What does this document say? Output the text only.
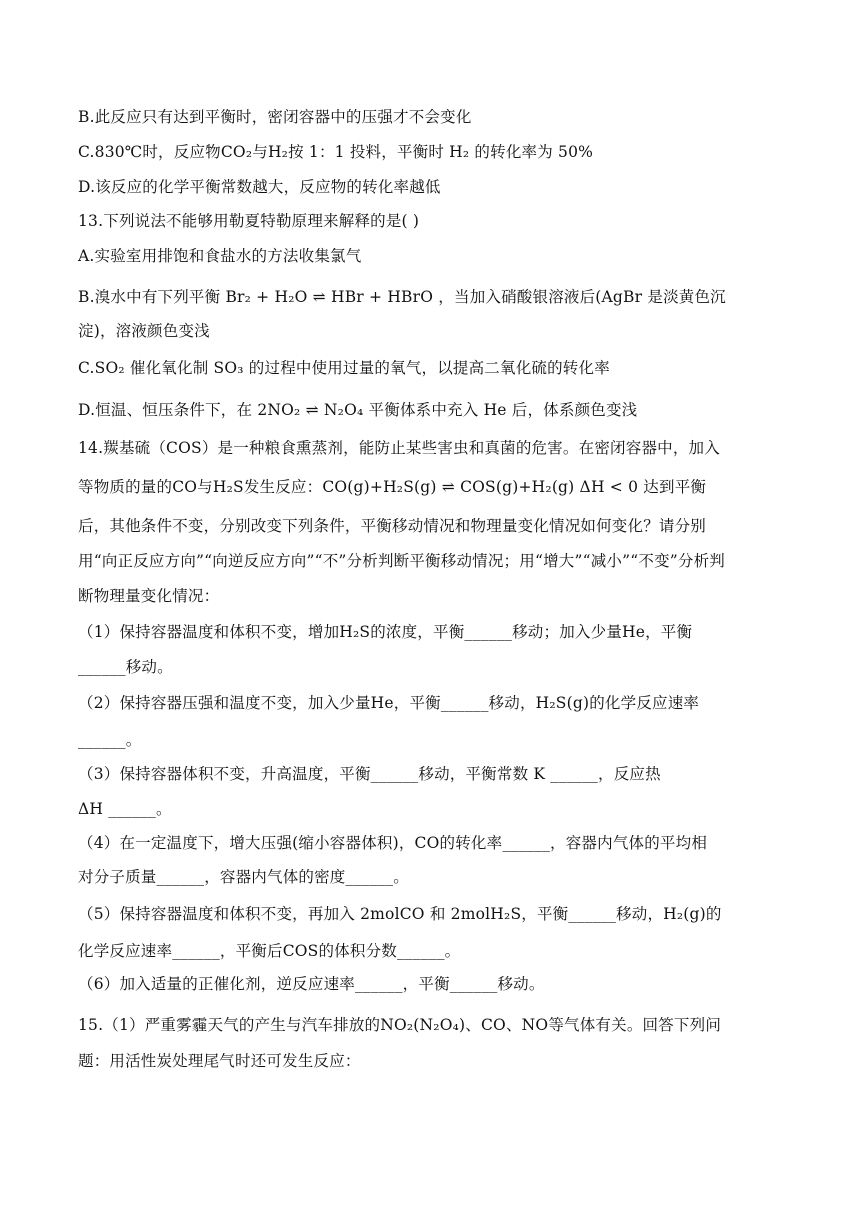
B.此反应只有达到平衡时，密闭容器中的压强才不会变化
C.830℃时，反应物CO₂与H₂按 1：1 投料，平衡时 H₂ 的转化率为 50%
D.该反应的化学平衡常数越大，反应物的转化率越低
13.下列说法不能够用勒夏特勒原理来解释的是( )
A.实验室用排饱和食盐水的方法收集氯气
B.溴水中有下列平衡 Br₂ + H₂O ⇌ HBr + HBrO ，当加入硝酸银溶液后(AgBr 是淡黄色沉
淀)，溶液颜色变浅
C.SO₂ 催化氧化制 SO₃ 的过程中使用过量的氧气，以提高二氧化硫的转化率
D.恒温、恒压条件下，在 2NO₂ ⇌ N₂O₄ 平衡体系中充入 He 后，体系颜色变浅
14.羰基硫（COS）是一种粮食熏蒸剂，能防止某些害虫和真菌的危害。在密闭容器中，加入
等物质的量的CO与H₂S发生反应：CO(g)+H₂S(g) ⇌ COS(g)+H₂(g) ΔH < 0 达到平衡
后，其他条件不变，分别改变下列条件，平衡移动情况和物理量变化情况如何变化？请分别
用“向正反应方向”“向逆反应方向”“不”分析判断平衡移动情况；用“增大”“减小”“不变”分析判
断物理量变化情况：
（1）保持容器温度和体积不变，增加H₂S的浓度，平衡______移动；加入少量He，平衡
______移动。
（2）保持容器压强和温度不变，加入少量He，平衡______移动，H₂S(g)的化学反应速率
______。
（3）保持容器体积不变，升高温度，平衡______移动，平衡常数 K ______，反应热
ΔH ______。
（4）在一定温度下，增大压强(缩小容器体积)，CO的转化率______，容器内气体的平均相
对分子质量______，容器内气体的密度______。
（5）保持容器温度和体积不变，再加入 2molCO 和 2molH₂S，平衡______移动，H₂(g)的
化学反应速率______，平衡后COS的体积分数______。
（6）加入适量的正催化剂，逆反应速率______，平衡______移动。
15.（1）严重雾霾天气的产生与汽车排放的NO₂(N₂O₄)、CO、NO等气体有关。回答下列问
题：用活性炭处理尾气时还可发生反应：
